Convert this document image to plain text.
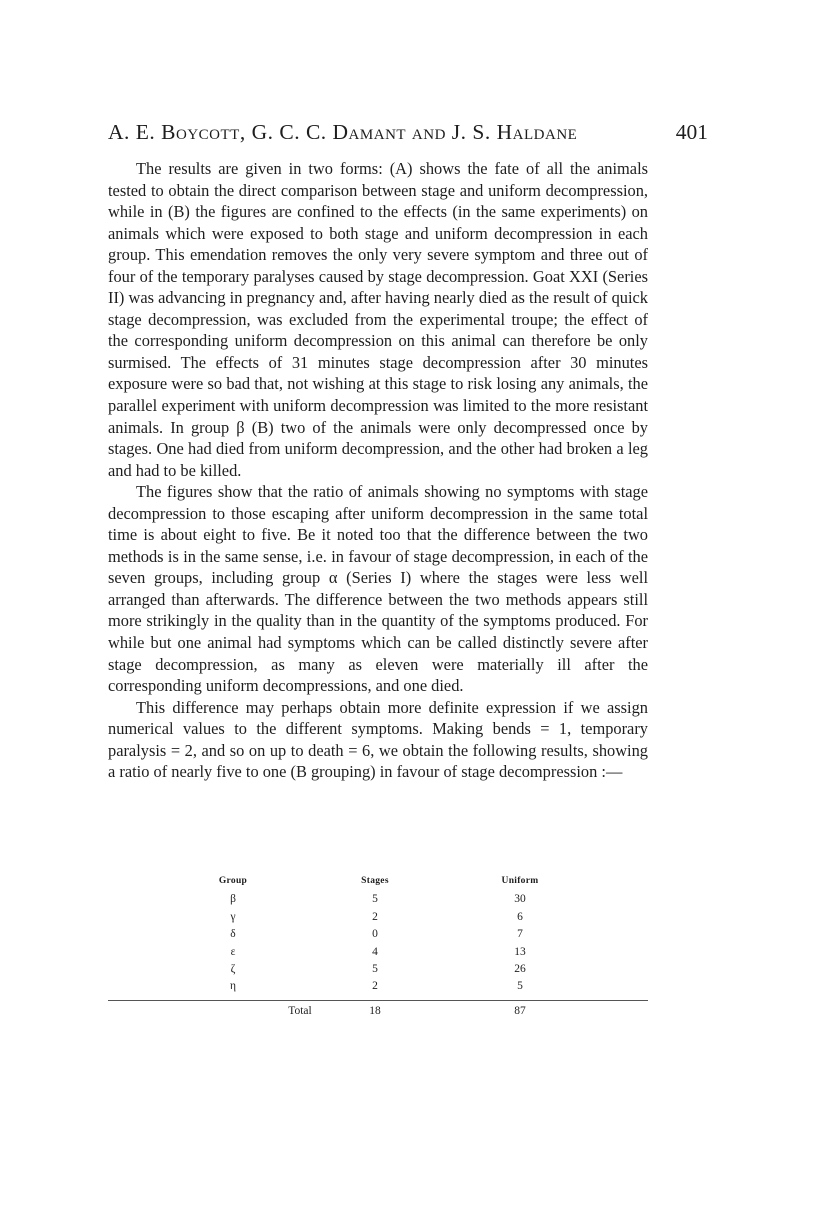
A. E. Boycott, G. C. C. Damant and J. S. Haldane	401

The results are given in two forms: (A) shows the fate of all the animals tested to obtain the direct comparison between stage and uniform decompression, while in (B) the figures are confined to the effects (in the same experiments) on animals which were exposed to both stage and uniform decompression in each group. This emendation removes the only very severe symptom and three out of four of the temporary paralyses caused by stage decompression. Goat XXI (Series II) was advancing in pregnancy and, after having nearly died as the result of quick stage decompression, was excluded from the experimental troupe; the effect of the corresponding uniform decompression on this animal can therefore be only surmised. The effects of 31 minutes stage decompression after 30 minutes exposure were so bad that, not wishing at this stage to risk losing any animals, the parallel experiment with uniform decompression was limited to the more resistant animals. In group β (B) two of the animals were only decompressed once by stages. One had died from uniform decompression, and the other had broken a leg and had to be killed.

The figures show that the ratio of animals showing no symptoms with stage decompression to those escaping after uniform decompression in the same total time is about eight to five. Be it noted too that the difference between the two methods is in the same sense, i.e. in favour of stage decompression, in each of the seven groups, including group α (Series I) where the stages were less well arranged than afterwards. The difference between the two methods appears still more strikingly in the quality than in the quantity of the symptoms produced. For while but one animal had symptoms which can be called distinctly severe after stage decompression, as many as eleven were materially ill after the corresponding uniform decompressions, and one died.

This difference may perhaps obtain more definite expression if we assign numerical values to the different symptoms. Making bends = 1, temporary paralysis = 2, and so on up to death = 6, we obtain the following results, showing a ratio of nearly five to one (B grouping) in favour of stage decompression :—

Group	Stages	Uniform
β	5	30
γ	2	6
δ	0	7
ε	4	13
ζ	5	26
η	2	5
Total	18	87
